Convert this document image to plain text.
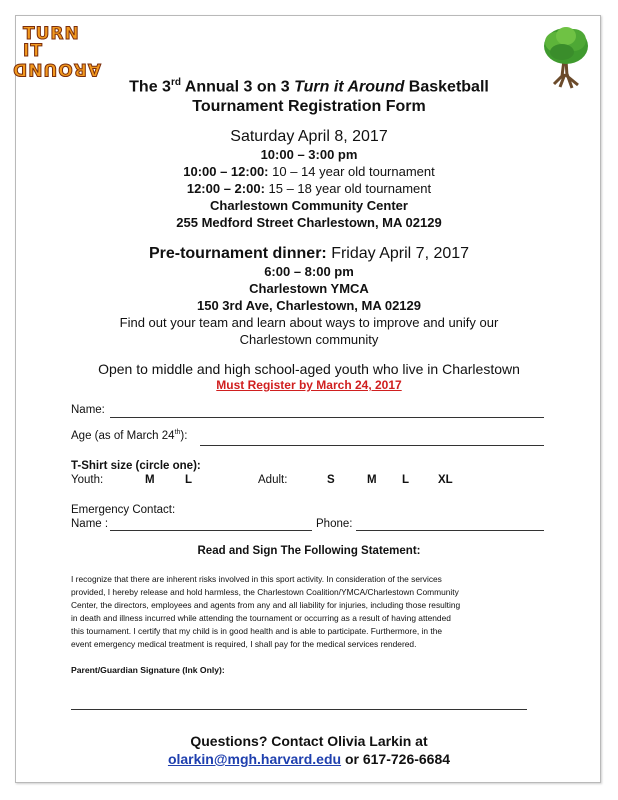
TURN IT
AROUND
The 3rd Annual 3 on 3 Turn it Around Basketball
Tournament Registration Form
Saturday April 8, 2017
10:00 – 3:00 pm
10:00 – 12:00: 10 – 14 year old tournament
12:00 – 2:00: 15 – 18 year old tournament
Charlestown Community Center
255 Medford Street Charlestown, MA 02129
Pre-tournament dinner: Friday April 7, 2017
6:00 – 8:00 pm
Charlestown YMCA
150 3rd Ave, Charlestown, MA 02129
Find out your team and learn about ways to improve and unify our
Charlestown community
Open to middle and high school-aged youth who live in Charlestown
Must Register by March 24, 2017
Name:
Age (as of March 24th):
T-Shirt size (circle one):
Youth:	M	L	Adult:	S	M L	XL
Emergency Contact:
Name :	Phone:
Read and Sign The Following Statement:
I recognize that there are inherent risks involved in this sport activity. In consideration of the services
provided, I hereby release and hold harmless, the Charlestown Coalition/YMCA/Charlestown Community
Center, the directors, employees and agents from any and all liability for injuries, including those resulting
in death and illness incurred while attending the tournament or occurring as a result of having attended
this tournament. I certify that my child is in good health and is able to participate. Furthermore, in the
event emergency medical treatment is required, I shall pay for the medical services rendered.
Parent/Guardian Signature (Ink Only):
Questions? Contact Olivia Larkin at
olarkin@mgh.harvard.edu or 617-726-6684
